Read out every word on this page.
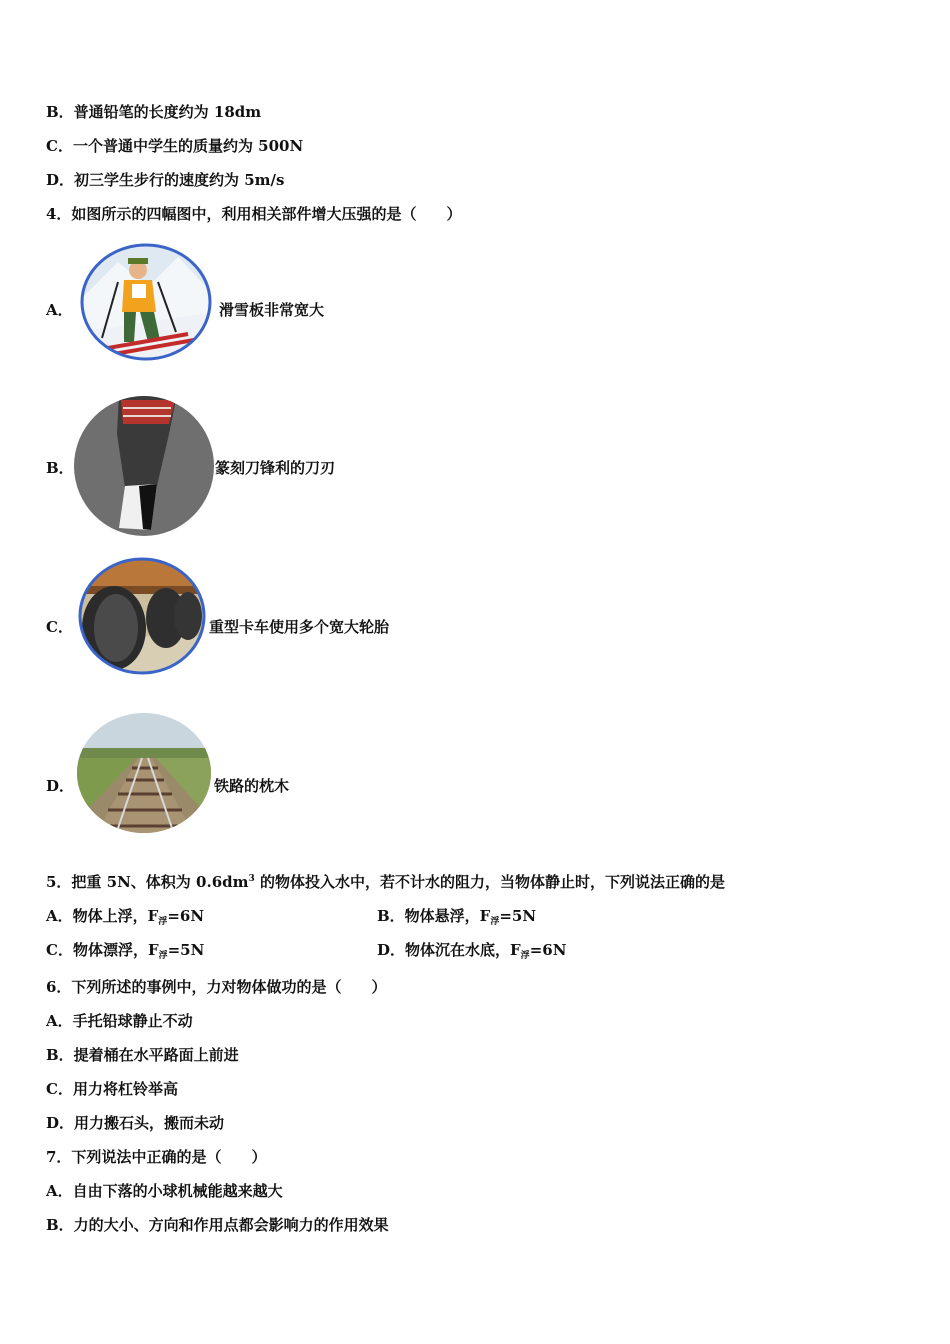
B．普通铅笔的长度约为 18dm
C．一个普通中学生的质量约为 500N
D．初三学生步行的速度约为 5m/s
4．如图所示的四幅图中，利用相关部件增大压强的是（　　）
A．	滑雪板非常宽大
B．	篆刻刀锋利的刀刃
C．	重型卡车使用多个宽大轮胎
D．	铁路的枕木
5．把重 5N、体积为 $0.6dm^3$ 的物体投入水中，若不计水的阻力，当物体静止时，下列说法正确的是
A．物体上浮，$F_浮=6N$	B．物体悬浮，$F_浮=5N$
C．物体漂浮，$F_浮=5N$	D．物体沉在水底，$F_浮=6N$
6．下列所述的事例中，力对物体做功的是（　　）
A．手托铅球静止不动
B．提着桶在水平路面上前进
C．用力将杠铃举高
D．用力搬石头，搬而未动
7．下列说法中正确的是（　　）
A．自由下落的小球机械能越来越大
B．力的大小、方向和作用点都会影响力的作用效果
